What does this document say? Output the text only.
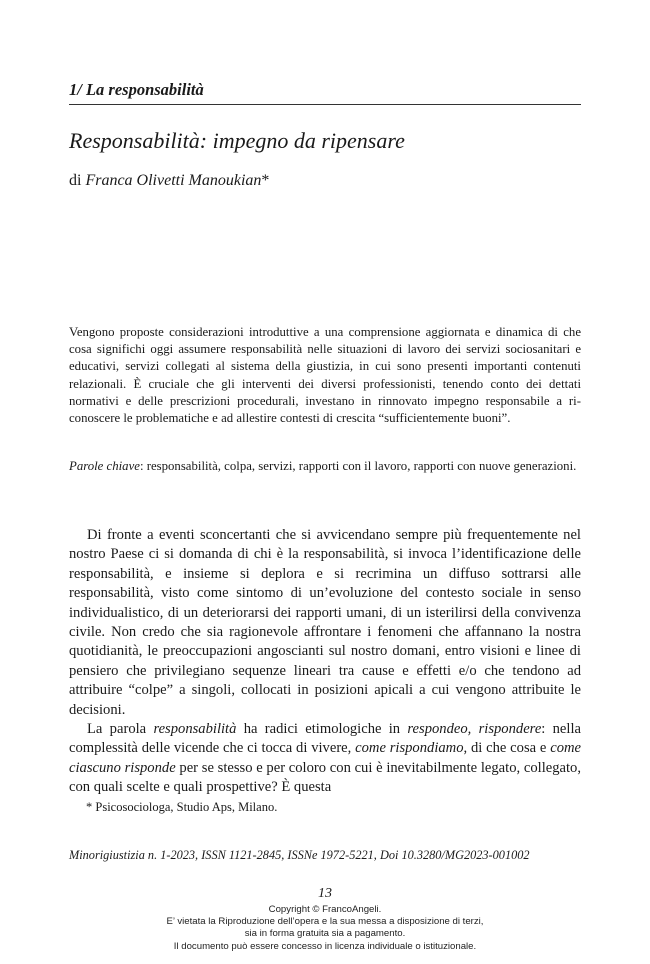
1/ La responsabilità
Responsabilità: impegno da ripensare
di Franca Olivetti Manoukian*

Vengono proposte considerazioni introduttive a una comprensione aggiornata e dinamica di che cosa significhi oggi assumere responsabilità nelle situazioni di lavoro dei servizi sociosanitari e educativi, servizi collegati al sistema della giustizia, in cui sono presenti importanti contenuti relazionali. È cruciale che gli interventi dei diversi professionisti, tenendo conto dei dettati normativi e delle prescrizioni procedurali, investano in rinnovato impegno responsabile a ri-conoscere le problematiche e ad allestire contesti di crescita “sufficientemente buoni”.

Parole chiave: responsabilità, colpa, servizi, rapporti con il lavoro, rapporti con nuove generazioni.

Di fronte a eventi sconcertanti che si avvicendano sempre più frequentemente nel nostro Paese ci si domanda di chi è la responsabilità, si invoca l’identificazione delle responsabilità, e insieme si deplora e si recrimina un diffuso sottrarsi alle responsabilità, visto come sintomo di un’evoluzione del contesto sociale in senso individualistico, di un deteriorarsi dei rapporti umani, di un isterilirsi della convivenza civile. Non credo che sia ragionevole affrontare i fenomeni che affannano la nostra quotidianità, le preoccupazioni angoscianti sul nostro domani, entro visioni e linee di pensiero che privilegiano sequenze lineari tra cause e effetti e/o che tendono ad attribuire “colpe” a singoli, collocati in posizioni apicali a cui vengono attribuite le decisioni.

La parola responsabilità ha radici etimologiche in respondeo, rispondere: nella complessità delle vicende che ci tocca di vivere, come rispondiamo, di che cosa e come ciascuno risponde per se stesso e per coloro con cui è inevitabilmente legato, collegato, con quali scelte e quali prospettive? È questa

* Psicosociologa, Studio Aps, Milano.
Minorigiustizia n. 1-2023, ISSN 1121-2845, ISSNe 1972-5221, Doi 10.3280/MG2023-001002
13
Copyright © FrancoAngeli.
E’ vietata la Riproduzione dell’opera e la sua messa a disposizione di terzi,
sia in forma gratuita sia a pagamento.
Il documento può essere concesso in licenza individuale o istituzionale.
